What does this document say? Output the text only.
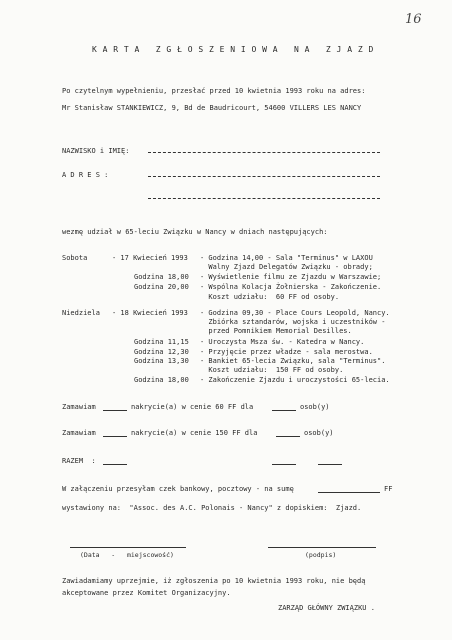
16
K A R T A   Z G Ł O S Z E N I O W A   N A   Z J A Z D
Po czytelnym wypełnieniu, przesłać przed 10 kwietnia 1993 roku na adres:
Mr Stanisław STANKIEWICZ, 9, Bd de Baudricourt, 54600 VILLERS LES NANCY
NAZWISKO i IMIĘ:
A D R E S :
wezmę udział w 65-leciu Związku w Nancy w dniach następujących:
Sobota	- 17 Kwiecień 1993 - Godzina 14,00 - Sala "Terminus" w LAXOU
Walny Zjazd Delegatów Związku - obrady;
Godzina 18,00 - Wyświetlenie filmu ze Zjazdu w Warszawie;
Godzina 20,00 - Wspólna Kolacja Żołnierska - Zakończenie.
Koszt udziału:  60 FF od osoby.
Niedziela - 18 Kwiecień 1993 - Godzina 09,30 - Place Cours Leopold, Nancy.
Zbiórka sztandarów, wojska i uczestników -
przed Pomnikiem Memorial Desilles.
Godzina 11,15 - Uroczysta Msza św. - Katedra w Nancy.
Godzina 12,30 - Przyjęcie przez władze - sala merostwa.
Godzina 13,30 - Bankiet 65-lecia Związku, sala "Terminus".
Koszt udziału:  150 FF od osoby.
Godzina 18,00 - Zakończenie Zjazdu i uroczystości 65-lecia.
Zamawiam	nakrycie(a) w cenie 60 FF dla	osob(y)
Zamawiam	nakrycie(a) w cenie 150 FF dla	osob(y)
RAZEM  :
W załączeniu przesyłam czek bankowy, pocztowy - na sumę	FF
wystawiony na:  "Assoc. des A.C. Polonais - Nancy" z dopiskiem:  Zjazd.
(Data   -   miejscowość)	(podpis)
Zawiadamiamy uprzejmie, iż zgłoszenia po 10 kwietnia 1993 roku, nie będą
akceptowane przez Komitet Organizacyjny.
ZARZĄD GŁÓWNY ZWIĄZKU .
